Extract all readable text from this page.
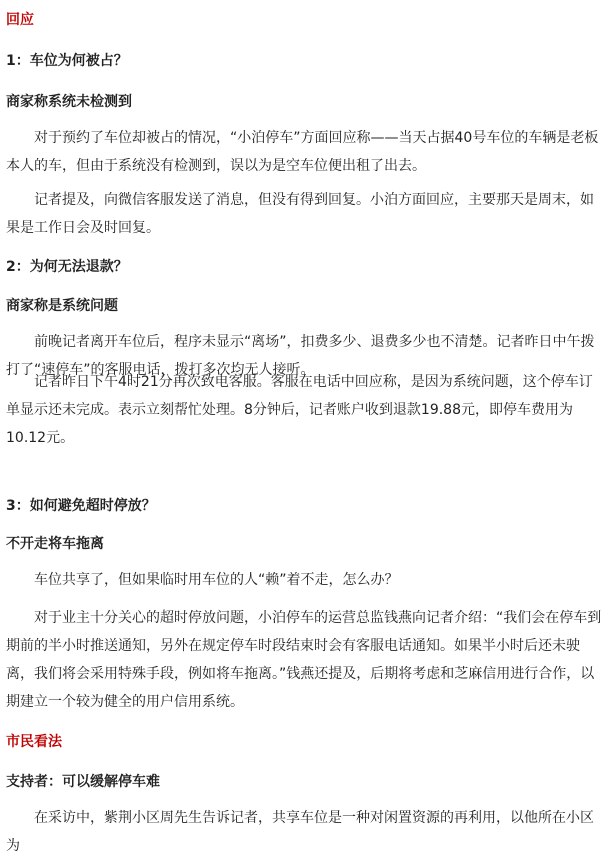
回应

1：车位为何被占？

商家称系统未检测到

对于预约了车位却被占的情况，“小泊停车”方面回应称——当天占据40号车位的车辆是老板本人的车，但由于系统没有检测到，误以为是空车位便出租了出去。

记者提及，向微信客服发送了消息，但没有得到回复。小泊方面回应，主要那天是周末，如果是工作日会及时回复。

2：为何无法退款？

商家称是系统问题

前晚记者离开车位后，程序未显示“离场”，扣费多少、退费多少也不清楚。记者昨日中午拨打了“速停车”的客服电话，拨打多次均无人接听。

记者昨日下午4时21分再次致电客服。客服在电话中回应称，是因为系统问题，这个停车订单显示还未完成。表示立刻帮忙处理。8分钟后，记者账户收到退款19.88元，即停车费用为10.12元。

3：如何避免超时停放？

不开走将车拖离

车位共享了，但如果临时用车位的人“赖”着不走，怎么办？

对于业主十分关心的超时停放问题，小泊停车的运营总监钱燕向记者介绍：“我们会在停车到期前的半小时推送通知，另外在规定停车时段结束时会有客服电话通知。如果半小时后还未驶离，我们将会采用特殊手段，例如将车拖离。”钱燕还提及，后期将考虑和芝麻信用进行合作，以期建立一个较为健全的用户信用系统。

市民看法

支持者：可以缓解停车难

在采访中，紫荆小区周先生告诉记者，共享车位是一种对闲置资源的再利用，以他所在小区为
